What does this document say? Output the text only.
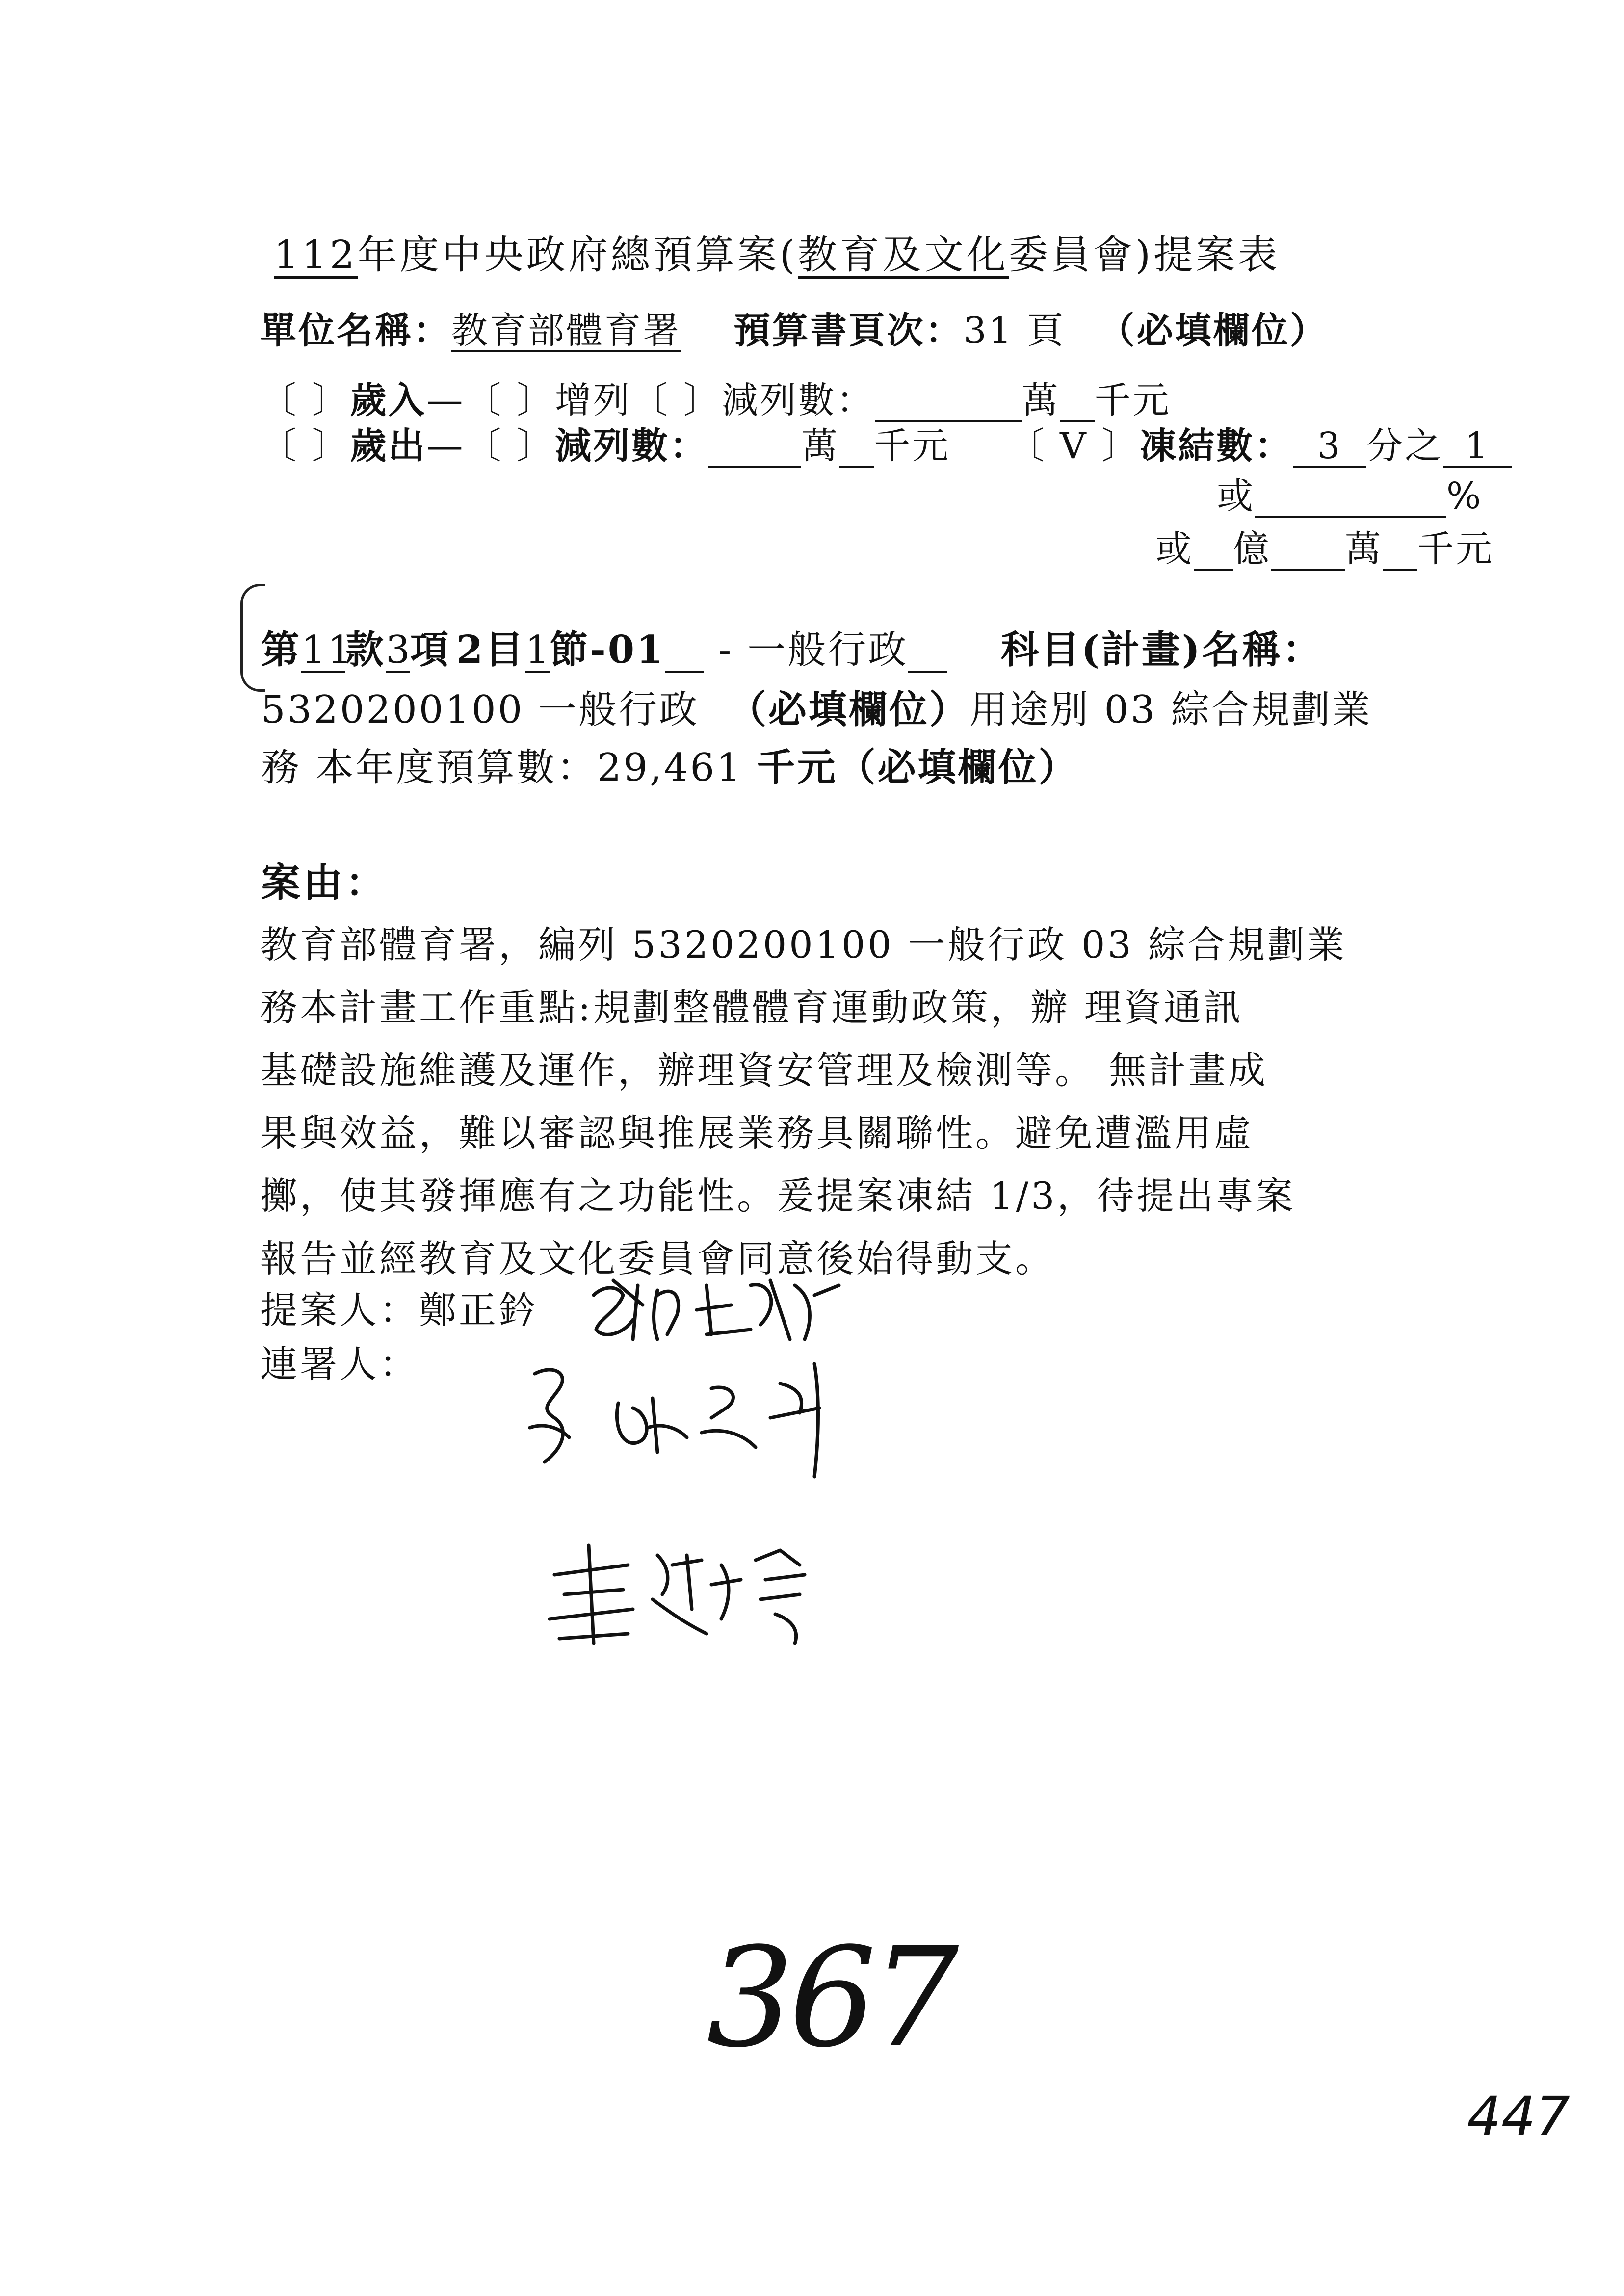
112年度中央政府總預算案(教育及文化委員會)提案表
單位名稱：教育部體育署 預算書頁次：31 頁 （必填欄位）
〔 〕歲入—〔 〕增列〔 〕減列數：	萬 千元
〔 〕歲出—〔 〕減列數：	萬 千元 〔 V 〕凍結數： 3 分之 1
或	%
或 億 萬 千元
第11款3項 2目1節-01  - 一般行政 科目(計畫)名稱：
5320200100 一般行政 （必填欄位）用途別 03 綜合規劃業
務 本年度預算數：29,461 千元（必填欄位）
案由：
教育部體育署，編列 5320200100 一般行政 03 綜合規劃業
務本計畫工作重點:規劃整體體育運動政策，辦 理資通訊
基礎設施維護及運作，辦理資安管理及檢測等。 無計畫成
果與效益，難以審認與推展業務具關聯性。避免遭濫用虛
擲，使其發揮應有之功能性。爰提案凍結 1/3，待提出專案
報告並經教育及文化委員會同意後始得動支。
提案人：鄭正鈐
連署人：
367
447
